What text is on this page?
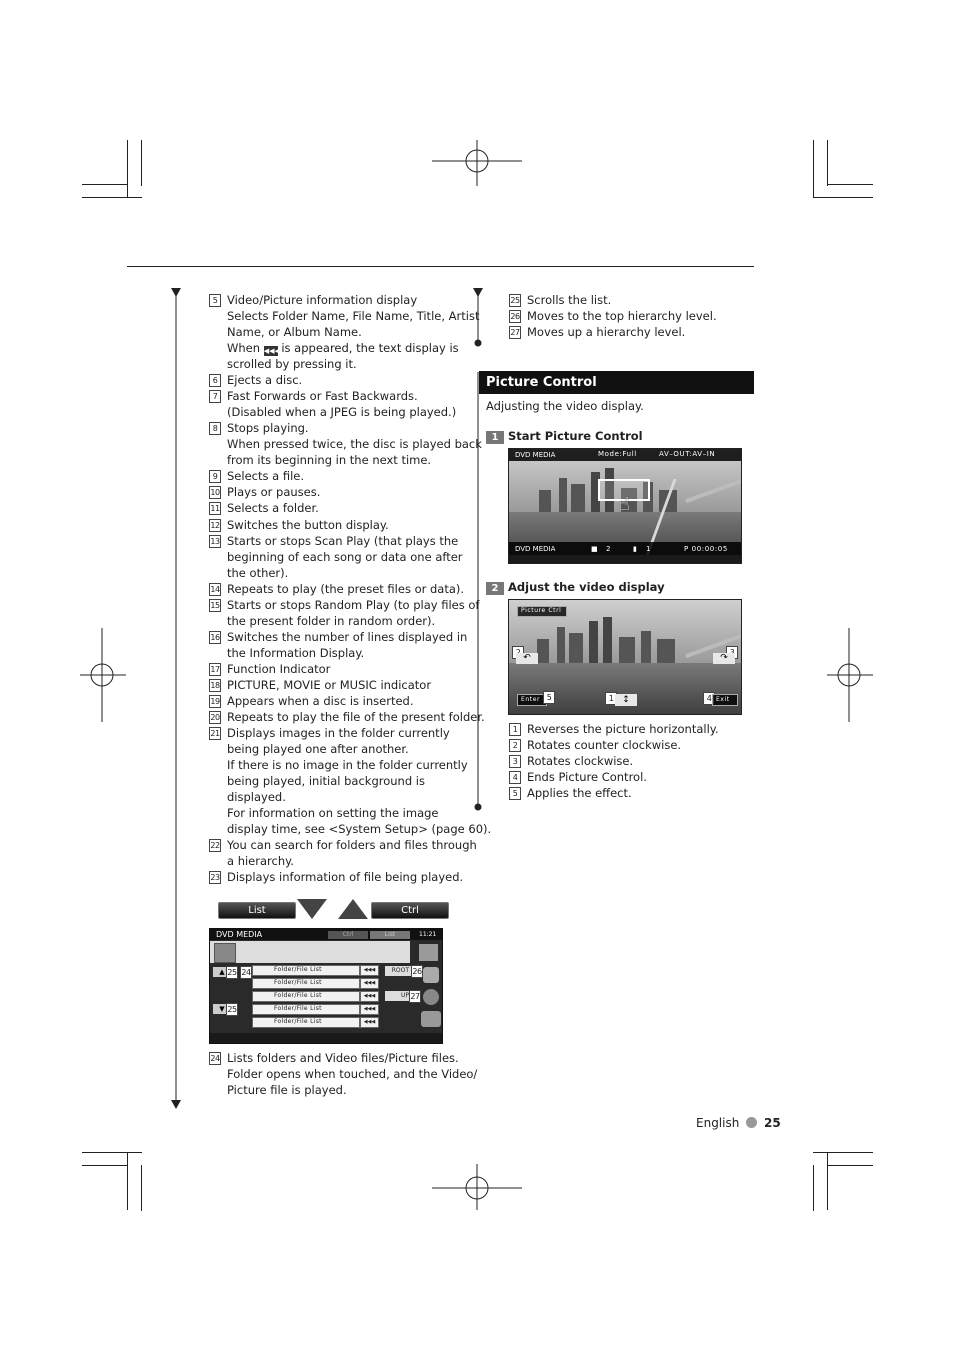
5 Video/Picture information display
Selects Folder Name, File Name, Title, Artist
Name, or Album Name.
When ◀◀◀ is appeared, the text display is
scrolled by pressing it.
6 Ejects a disc.
7 Fast Forwards or Fast Backwards.
(Disabled when a JPEG is being played.)
8 Stops playing.
When pressed twice, the disc is played back
from its beginning in the next time.
9 Selects a file.
10 Plays or pauses.
11 Selects a folder.
12 Switches the button display.
13 Starts or stops Scan Play (that plays the
beginning of each song or data one after
the other).
14 Repeats to play (the preset files or data).
15 Starts or stops Random Play (to play files of
the present folder in random order).
16 Switches the number of lines displayed in
the Information Display.
17 Function Indicator
18 PICTURE, MOVIE or MUSIC indicator
19 Appears when a disc is inserted.
20 Repeats to play the file of the present folder.
21 Displays images in the folder currently
being played one after another.
If there is no image in the folder currently
being played, initial background is
displayed.
For information on setting the image
display time, see <System Setup> (page 60).
22 You can search for folders and files through
a hierarchy.
23 Displays information of file being played.
List	Ctrl
DVD MEDIA	Ctrl	List	11:21
▲ 25 24
▼ 25
Folder/File List
Folder/File List
Folder/File List
Folder/File List
Folder/File List
◀◀◀
◀◀◀
◀◀◀
◀◀◀
◀◀◀
ROOT 26
UP 27
24 Lists folders and Video files/Picture files.
Folder opens when touched, and the Video/
Picture file is played.
25 Scrolls the list.
26 Moves to the top hierarchy level.
27 Moves up a hierarchy level.
Picture Control
Adjusting the video display.
1 Start Picture Control
DVD MEDIA	Mode:Full	AV–OUT:AV–IN
☝
DVD MEDIA	■ 2	▮ 1	P 00:00:05
2 Adjust the video display
Picture Ctrl
↶	↷
Enter 5	1 ↕	4 Exit
1 Reverses the picture horizontally.
2 Rotates counter clockwise.
3 Rotates clockwise.
4 Ends Picture Control.
5 Applies the effect.
English 25
